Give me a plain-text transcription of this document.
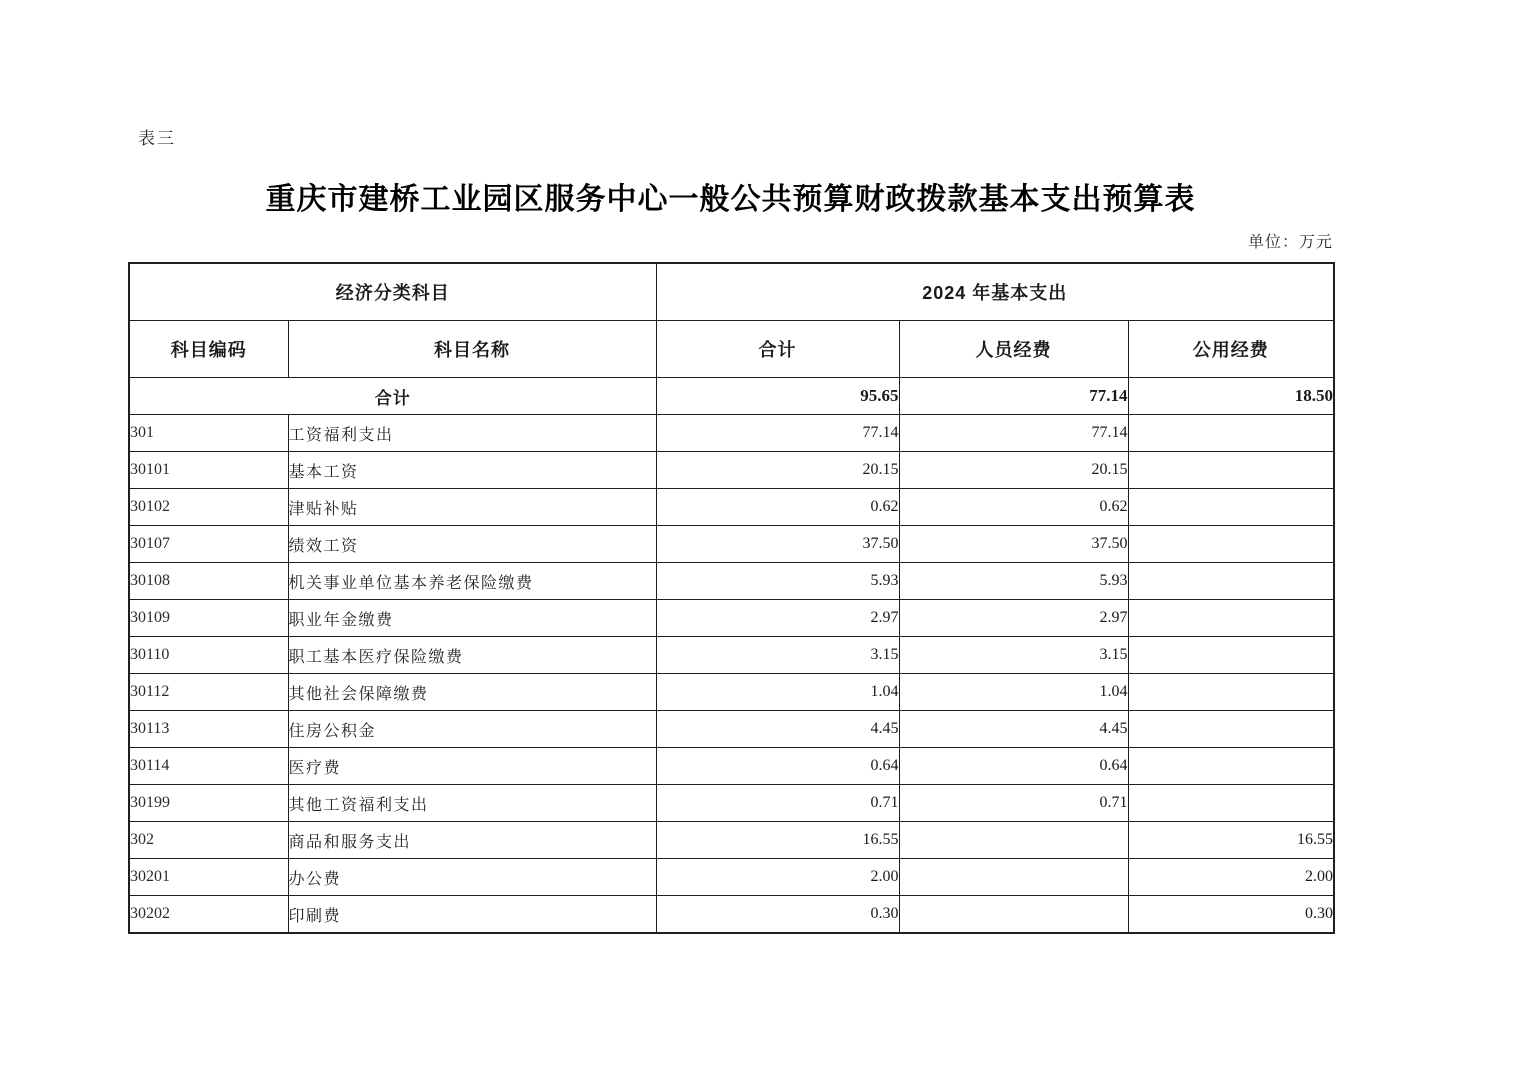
表三
重庆市建桥工业园区服务中心一般公共预算财政拨款基本支出预算表
单位：万元
经济分类科目		2024 年基本支出		
科目编码	科目名称	合计	人员经费	公用经费
合计		95.65	77.14	18.50
301	工资福利支出	77.14	77.14	
30101	基本工资	20.15	20.15	
30102	津贴补贴	0.62	0.62	
30107	绩效工资	37.50	37.50	
30108	机关事业单位基本养老保险缴费	5.93	5.93	
30109	职业年金缴费	2.97	2.97	
30110	职工基本医疗保险缴费	3.15	3.15	
30112	其他社会保障缴费	1.04	1.04	
30113	住房公积金	4.45	4.45	
30114	医疗费	0.64	0.64	
30199	其他工资福利支出	0.71	0.71	
302	商品和服务支出	16.55		16.55
30201	办公费	2.00		2.00
30202	印刷费	0.30		0.30
